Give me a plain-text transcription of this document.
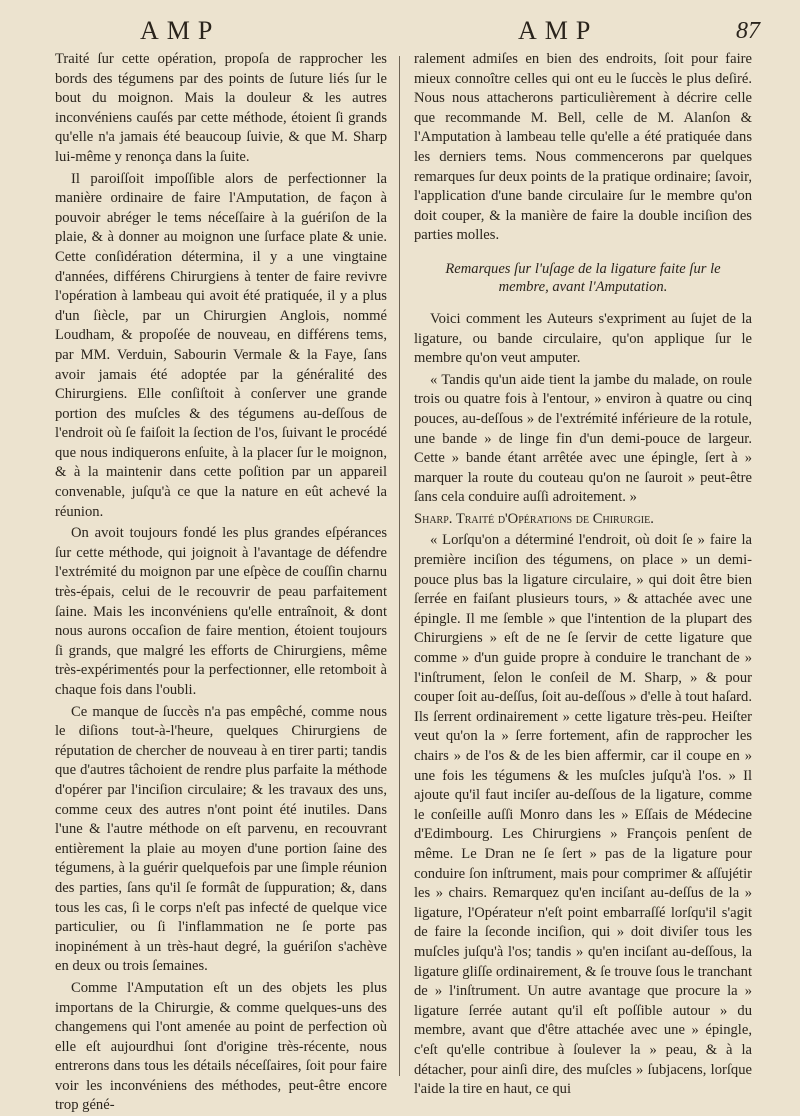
AMP	AMP	87

Traité ſur cette opération, propoſa de rapprocher les bords des tégumens par des points de ſuture liés ſur le bout du moignon. Mais la douleur & les autres inconvéniens cauſés par cette méthode, étoient ſi grands qu'elle n'a jamais été beaucoup ſuivie, & que M. Sharp lui-même y renonça dans la ſuite.

Il paroiſſoit impoſſible alors de perfectionner la manière ordinaire de faire l'Amputation, de façon à pouvoir abréger le tems néceſſaire à la guériſon de la plaie, & à donner au moignon une ſurface plate & unie. Cette conſidération détermina, il y a une vingtaine d'années, différens Chirurgiens à tenter de faire revivre l'opération à lambeau qui avoit été pratiquée, il y a plus d'un ſiècle, par un Chirurgien Anglois, nommé Loudham, & propoſée de nouveau, en différens tems, par MM. Verduin, Sabourin Vermale & la Faye, ſans avoir jamais été adoptée par la généralité des Chirurgiens. Elle conſiſtoit à conſerver une grande portion des muſcles & des tégumens au-deſſous de l'endroit où ſe faiſoit la ſection de l'os, ſuivant le procédé que nous indiquerons enſuite, à la placer ſur le moignon, & à la maintenir dans cette poſition par un appareil convenable, juſqu'à ce que la nature en eût achevé la réunion.

On avoit toujours fondé les plus grandes eſpérances ſur cette méthode, qui joignoit à l'avantage de défendre l'extrémité du moignon par une eſpèce de couſſin charnu très-épais, celui de le recouvrir de peau parfaitement ſaine. Mais les inconvéniens qu'elle entraînoit, & dont nous aurons occaſion de faire mention, étoient toujours ſi grands, que malgré les efforts de Chirurgiens, même très-expérimentés pour la perfectionner, elle retomboit à chaque fois dans l'oubli.

Ce manque de ſuccès n'a pas empêché, comme nous le diſions tout-à-l'heure, quelques Chirurgiens de réputation de chercher de nouveau à en tirer parti; tandis que d'autres tâchoient de rendre plus parfaite la méthode d'opérer par l'inciſion circulaire; & les travaux des uns, comme ceux des autres n'ont point été inutiles. Dans l'une & l'autre méthode on eſt parvenu, en recouvrant entièrement la plaie au moyen d'une portion ſaine des tégumens, à la guérir quelquefois par une ſimple réunion des parties, ſans qu'il ſe formât de ſuppuration; &, dans tous les cas, ſi le corps n'eſt pas infecté de quelque vice particulier, ou ſi l'inflammation ne ſe porte pas inopinément à un très-haut degré, la guériſon s'achève en deux ou trois ſemaines.

Comme l'Amputation eſt un des objets les plus importans de la Chirurgie, & comme quelques-uns des changemens qui l'ont amenée au point de perfection où elle eſt aujourdhui ſont d'origine très-récente, nous entrerons dans tous les détails néceſſaires, ſoit pour faire voir les inconvéniens des méthodes, peut-être encore trop géné-

ralement admiſes en bien des endroits, ſoit pour faire mieux connoître celles qui ont eu le ſuccès le plus deſiré. Nous nous attacherons particulièrement à décrire celle que recommande M. Bell, celle de M. Alanſon & l'Amputation à lambeau telle qu'elle a été pratiquée dans les derniers tems. Nous commencerons par quelques remarques ſur deux points de la pratique ordinaire; ſavoir, l'application d'une bande circulaire ſur le membre qu'on doit couper, & la manière de faire la double inciſion des parties molles.

Remarques ſur l'uſage de la ligature faite ſur le membre, avant l'Amputation.

Voici comment les Auteurs s'expriment au ſujet de la ligature, ou bande circulaire, qu'on applique ſur le membre qu'on veut amputer.

« Tandis qu'un aide tient la jambe du malade, on roule trois ou quatre fois à l'entour, » environ à quatre ou cinq pouces, au-deſſous » de l'extrémité inférieure de la rotule, une bande » de linge fin d'un demi-pouce de largeur. Cette » bande étant arrêtée avec une épingle, ſert à » marquer la route du couteau qu'on ne ſauroit » peut-être ſans cela conduire auſſi adroitement. »

Sharp. Traité d'Opérations de Chirurgie.

« Lorſqu'on a déterminé l'endroit, où doit ſe » faire la première inciſion des tégumens, on place » un demi-pouce plus bas la ligature circulaire, » qui doit être bien ſerrée en faiſant plusieurs tours, » & attachée avec une épingle. Il me ſemble » que l'intention de la plupart des Chirurgiens » eſt de ne ſe ſervir de cette ligature que comme » d'un guide propre à conduire le tranchant de » l'inſtrument, ſelon le conſeil de M. Sharp, » & pour couper ſoit au-deſſus, ſoit au-deſſous » d'elle à tout haſard. Ils ſerrent ordinairement » cette ligature très-peu. Heiſter veut qu'on la » ſerre fortement, afin de rapprocher les chairs » de l'os & de les bien affermir, car il coupe en » une fois les tégumens & les muſcles juſqu'à l'os. » Il ajoute qu'il faut inciſer au-deſſous de la ligature, comme le conſeille auſſi Monro dans les » Eſſais de Médecine d'Edimbourg. Les Chirurgiens » François penſent de même. Le Dran ne ſe ſert » pas de la ligature pour conduire ſon inſtrument, mais pour comprimer & aſſujétir les » chairs. Remarquez qu'en inciſant au-deſſus de la » ligature, l'Opérateur n'eſt point embarraſſé lorſqu'il s'agit de faire la ſeconde inciſion, qui » doit diviſer tous les muſcles juſqu'à l'os; tandis » qu'en inciſant au-deſſous, la ligature gliſſe ordinairement, & ſe trouve ſous le tranchant de » l'inſtrument. Un autre avantage que procure la » ligature ſerrée autant qu'il eſt poſſible autour » du membre, avant que d'être attachée avec une » épingle, c'eſt qu'elle contribue à ſoulever la » peau, & à la détacher, pour ainſi dire, des muſcles » ſubjacens, lorſque l'aide la tire en haut, ce qui
